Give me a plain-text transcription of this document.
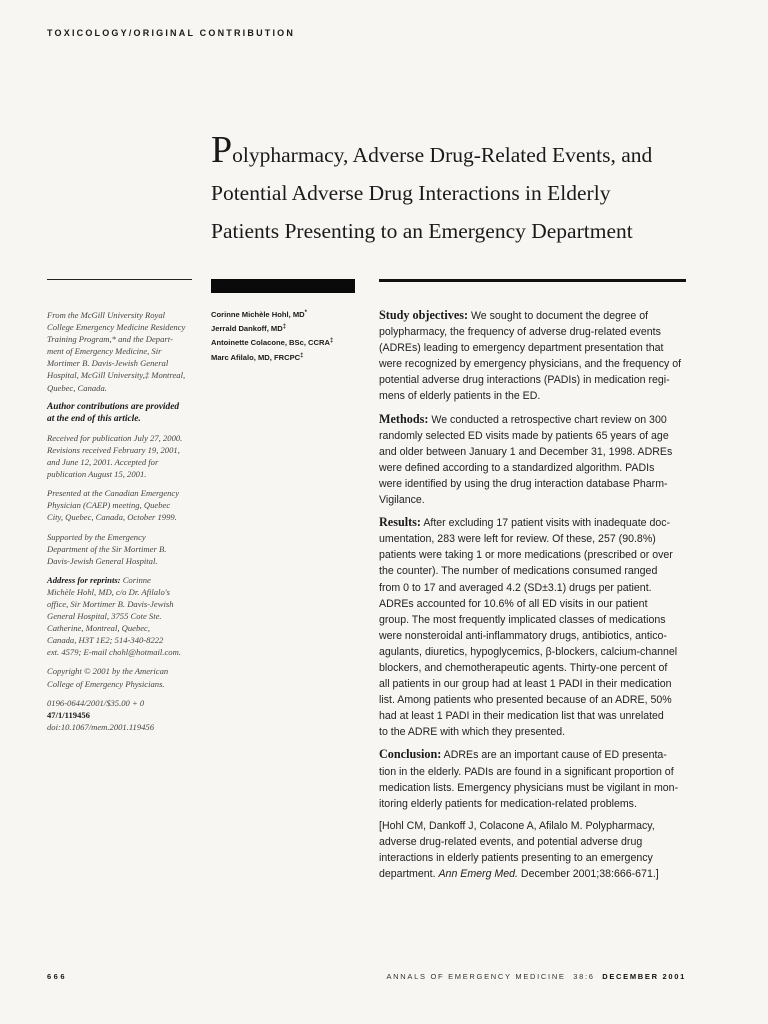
TOXICOLOGY/ORIGINAL CONTRIBUTION
Polypharmacy, Adverse Drug-Related Events, and
Potential Adverse Drug Interactions in Elderly
Patients Presenting to an Emergency Department

From the McGill University Royal
College Emergency Medicine Residency
Training Program,* and the Depart-
ment of Emergency Medicine, Sir
Mortimer B. Davis-Jewish General
Hospital, McGill University,‡ Montreal,
Quebec, Canada.

Author contributions are provided
at the end of this article.

Received for publication July 27, 2000.
Revisions received February 19, 2001,
and June 12, 2001. Accepted for
publication August 15, 2001.

Presented at the Canadian Emergency
Physician (CAEP) meeting, Quebec
City, Quebec, Canada, October 1999.

Supported by the Emergency
Department of the Sir Mortimer B.
Davis-Jewish General Hospital.

Address for reprints: Corinne
Michèle Hohl, MD, c/o Dr. Afilalo's
office, Sir Mortimer B. Davis-Jewish
General Hospital, 3755 Cote Ste.
Catherine, Montreal, Quebec,
Canada, H3T 1E2; 514-340-8222
ext. 4579; E-mail chohl@hotmail.com.

Copyright © 2001 by the American
College of Emergency Physicians.

0196-0644/2001/$35.00 + 0
47/1/119456
doi:10.1067/mem.2001.119456

Corinne Michèle Hohl, MD*
Jerrald Dankoff, MD‡
Antoinette Colacone, BSc, CCRA‡
Marc Afilalo, MD, FRCPC‡

Study objectives: We sought to document the degree of
polypharmacy, the frequency of adverse drug-related events
(ADREs) leading to emergency department presentation that
were recognized by emergency physicians, and the frequency of
potential adverse drug interactions (PADIs) in medication regi-
mens of elderly patients in the ED.

Methods: We conducted a retrospective chart review on 300
randomly selected ED visits made by patients 65 years of age
and older between January 1 and December 31, 1998. ADREs
were defined according to a standardized algorithm. PADIs
were identified by using the drug interaction database Pharm-
Vigilance.

Results: After excluding 17 patient visits with inadequate doc-
umentation, 283 were left for review. Of these, 257 (90.8%)
patients were taking 1 or more medications (prescribed or over
the counter). The number of medications consumed ranged
from 0 to 17 and averaged 4.2 (SD±3.1) drugs per patient.
ADREs accounted for 10.6% of all ED visits in our patient
group. The most frequently implicated classes of medications
were nonsteroidal anti-inflammatory drugs, antibiotics, antico-
agulants, diuretics, hypoglycemics, β-blockers, calcium-channel
blockers, and chemotherapeutic agents. Thirty-one percent of
all patients in our group had at least 1 PADI in their medication
list. Among patients who presented because of an ADRE, 50%
had at least 1 PADI in their medication list that was unrelated
to the ADRE with which they presented.

Conclusion: ADREs are an important cause of ED presenta-
tion in the elderly. PADIs are found in a significant proportion of
medication lists. Emergency physicians must be vigilant in mon-
itoring elderly patients for medication-related problems.

[Hohl CM, Dankoff J, Colacone A, Afilalo M. Polypharmacy,
adverse drug-related events, and potential adverse drug
interactions in elderly patients presenting to an emergency
department. Ann Emerg Med. December 2001;38:666-671.]

666	ANNALS OF EMERGENCY MEDICINE 38:6 DECEMBER 2001
